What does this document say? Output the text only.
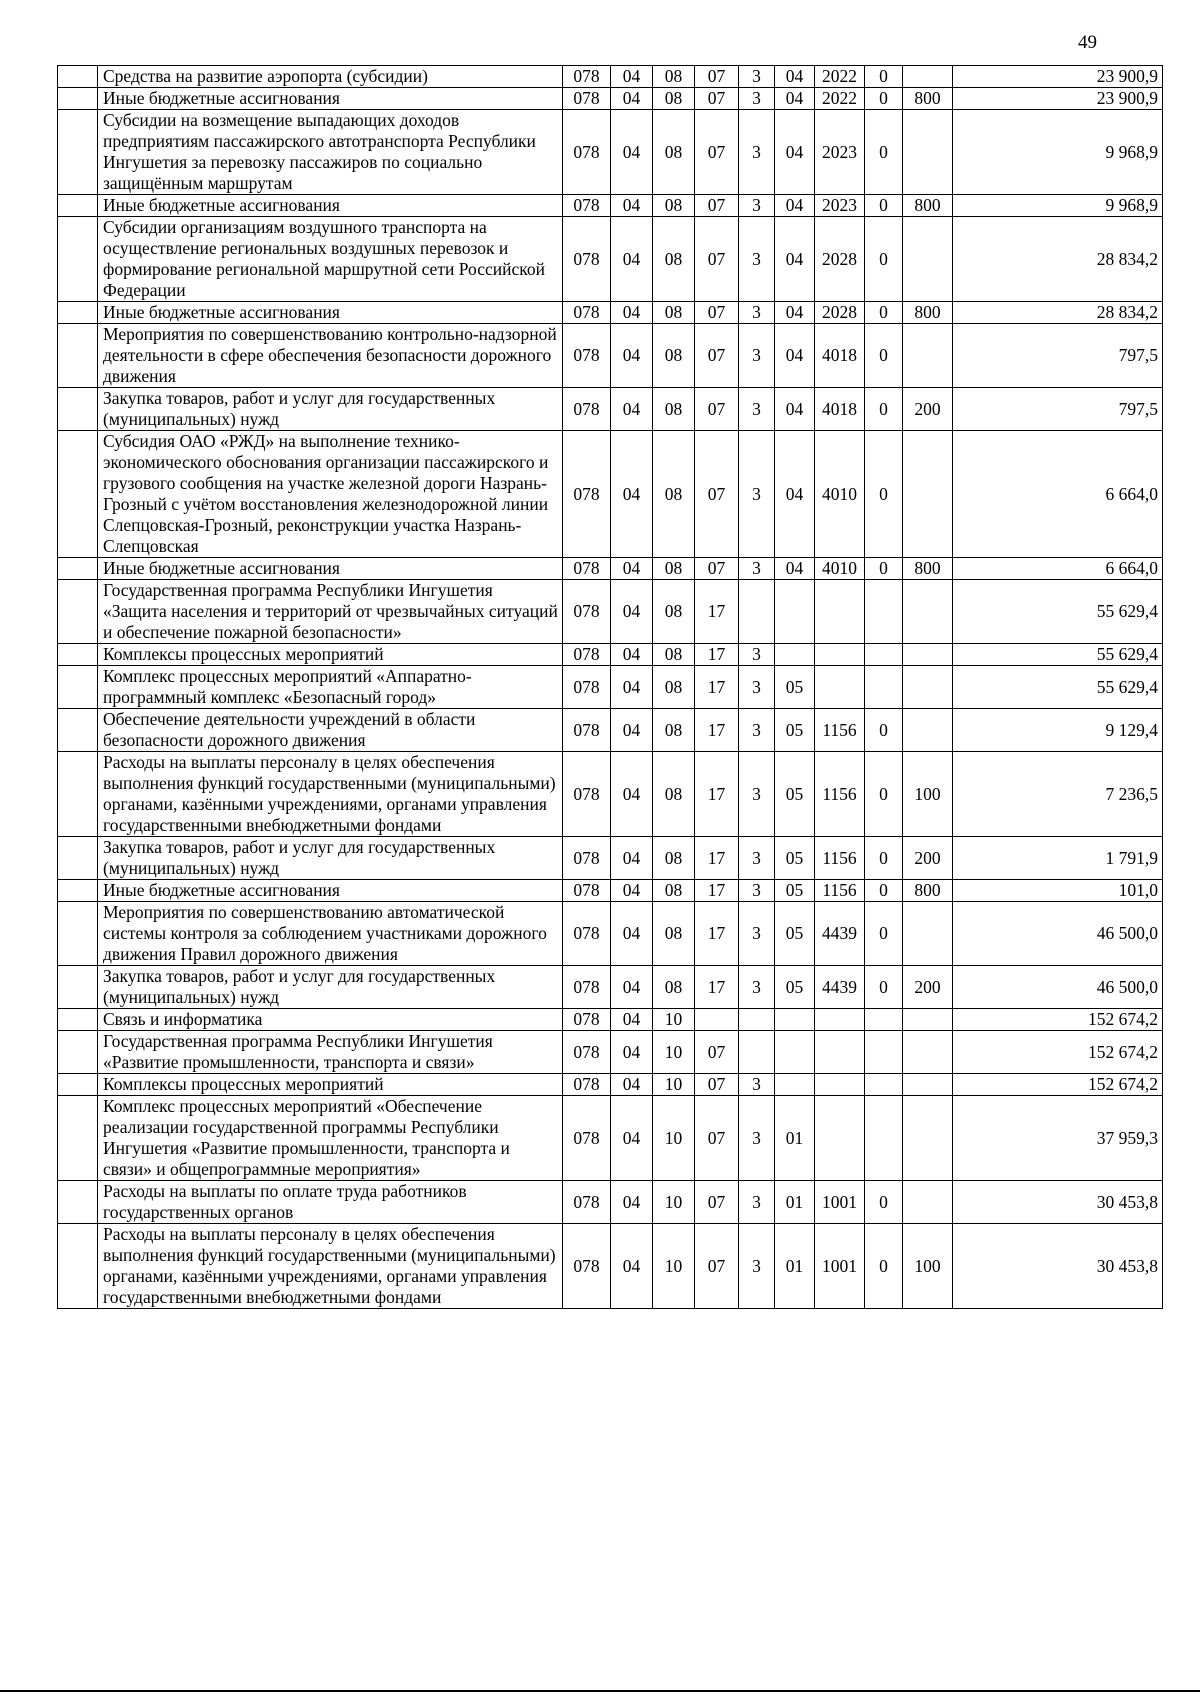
49
	Средства на развитие аэропорта (субсидии)	078	04	08	07	3	04	2022	0		23 900,9
	Иные бюджетные ассигнования	078	04	08	07	3	04	2022	0	800	23 900,9
	Субсидии на возмещение выпадающих доходов предприятиям пассажирского автотранспорта Республики Ингушетия за перевозку пассажиров по социально защищённым маршрутам	078	04	08	07	3	04	2023	0		9 968,9
	Иные бюджетные ассигнования	078	04	08	07	3	04	2023	0	800	9 968,9
	Субсидии организациям воздушного транспорта на осуществление региональных воздушных перевозок и формирование региональной маршрутной сети Российской Федерации	078	04	08	07	3	04	2028	0		28 834,2
	Иные бюджетные ассигнования	078	04	08	07	3	04	2028	0	800	28 834,2
	Мероприятия по совершенствованию контрольно-надзорной деятельности в сфере обеспечения безопасности дорожного движения	078	04	08	07	3	04	4018	0		797,5
	Закупка товаров, работ и услуг для государственных (муниципальных) нужд	078	04	08	07	3	04	4018	0	200	797,5
	Субсидия ОАО «РЖД» на выполнение технико-экономического обоснования организации пассажирского и грузового сообщения на участке железной дороги Назрань-Грозный с учётом восстановления железнодорожной линии Слепцовская-Грозный, реконструкции участка Назрань-Слепцовская	078	04	08	07	3	04	4010	0		6 664,0
	Иные бюджетные ассигнования	078	04	08	07	3	04	4010	0	800	6 664,0
	Государственная программа Республики Ингушетия «Защита населения и территорий от чрезвычайных ситуаций и обеспечение пожарной безопасности»	078	04	08	17						55 629,4
	Комплексы процессных мероприятий	078	04	08	17	3					55 629,4
	Комплекс процессных мероприятий «Аппаратно-программный комплекс «Безопасный город»	078	04	08	17	3	05				55 629,4
	Обеспечение деятельности учреждений в области безопасности дорожного движения	078	04	08	17	3	05	1156	0		9 129,4
	Расходы на выплаты персоналу в целях обеспечения выполнения функций государственными (муниципальными) органами, казёнными учреждениями, органами управления государственными внебюджетными фондами	078	04	08	17	3	05	1156	0	100	7 236,5
	Закупка товаров, работ и услуг для государственных (муниципальных) нужд	078	04	08	17	3	05	1156	0	200	1 791,9
	Иные бюджетные ассигнования	078	04	08	17	3	05	1156	0	800	101,0
	Мероприятия по совершенствованию автоматической системы контроля за соблюдением участниками дорожного движения Правил дорожного движения	078	04	08	17	3	05	4439	0		46 500,0
	Закупка товаров, работ и услуг для государственных (муниципальных) нужд	078	04	08	17	3	05	4439	0	200	46 500,0
	Связь и информатика	078	04	10							152 674,2
	Государственная программа Республики Ингушетия «Развитие промышленности, транспорта и связи»	078	04	10	07						152 674,2
	Комплексы процессных мероприятий	078	04	10	07	3					152 674,2
	Комплекс процессных мероприятий «Обеспечение реализации государственной программы Республики Ингушетия «Развитие промышленности, транспорта и связи» и общепрограммные мероприятия»	078	04	10	07	3	01				37 959,3
	Расходы на выплаты по оплате труда работников государственных органов	078	04	10	07	3	01	1001	0		30 453,8
	Расходы на выплаты персоналу в целях обеспечения выполнения функций государственными (муниципальными) органами, казёнными учреждениями, органами управления государственными внебюджетными фондами	078	04	10	07	3	01	1001	0	100	30 453,8
